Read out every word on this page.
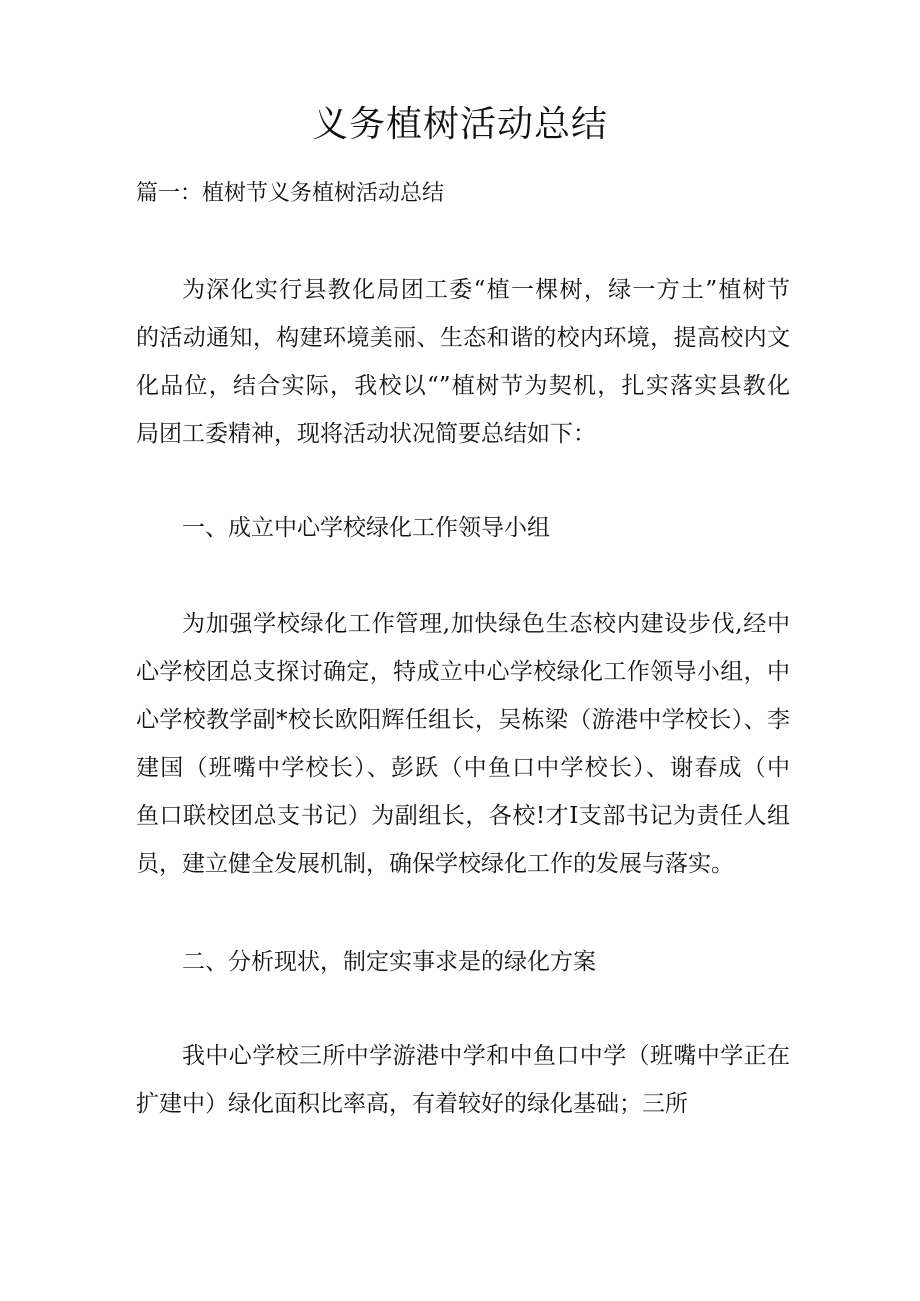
义务植树活动总结
篇一：植树节义务植树活动总结
为深化实行县教化局团工委“植一棵树，绿一方土”植树节
的活动通知，构建环境美丽、生态和谐的校内环境，提高校内文
化品位，结合实际，我校以“”植树节为契机，扎实落实县教化
局团工委精神，现将活动状况简要总结如下：
一、成立中心学校绿化工作领导小组
为加强学校绿化工作管理,加快绿色生态校内建设步伐,经中
心学校团总支探讨确定，特成立中心学校绿化工作领导小组，中
心学校教学副*校长欧阳辉任组长，吴栋梁（游港中学校长）、李
建国（班嘴中学校长）、彭跃（中鱼口中学校长）、谢春成（中
鱼口联校团总支书记）为副组长，各校!才I支部书记为责任人组
员，建立健全发展机制，确保学校绿化工作的发展与落实。
二、分析现状，制定实事求是的绿化方案
我中心学校三所中学游港中学和中鱼口中学（班嘴中学正在
扩建中）绿化面积比率高，有着较好的绿化基础；三所
